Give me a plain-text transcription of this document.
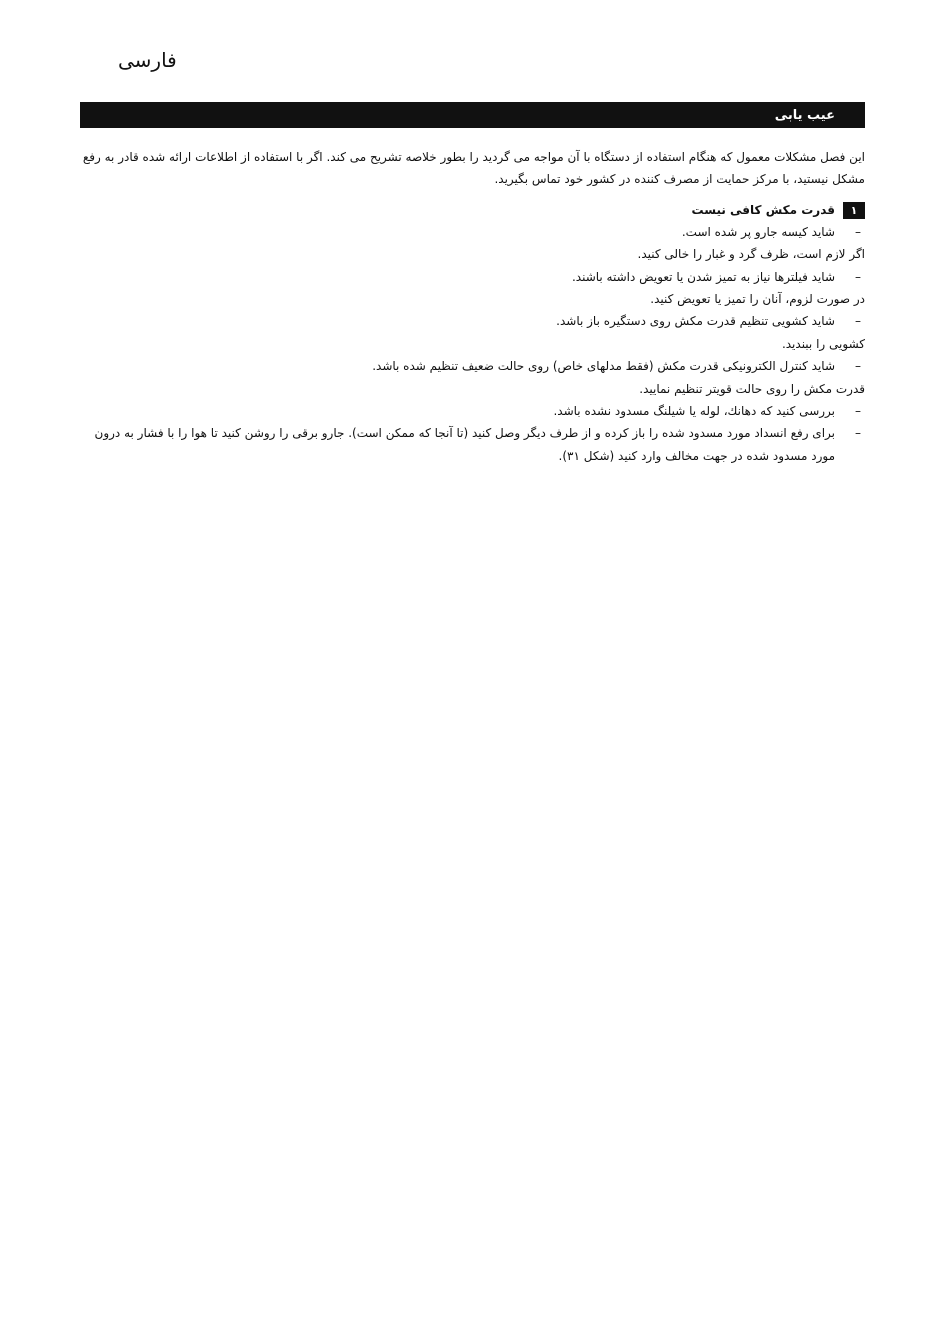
فارسی
عیب یابی

این فصل مشکلات معمول که هنگام استفاده از دستگاه با آن مواجه می گردید را بطور خلاصه تشریح می کند. اگر با استفاده از اطلاعات ارائه شده قادر به رفع مشکل نیستید، با مرکز حمایت از مصرف کننده در کشور خود تماس بگیرید.

۱قدرت مکش کافی نیست

–
شاید کیسه جارو پر شده است.

اگر لازم است، ظرف گرد و غبار را خالی کنید.

–
شاید فیلترها نیاز به تمیز شدن یا تعویض داشته باشند.

در صورت لزوم، آنان را تمیز یا تعویض کنید.

–
شاید کشویی تنظیم قدرت مکش روی دستگیره باز باشد.

کشویی را ببندید.

–
شاید کنترل الکترونیکی قدرت مکش (فقط مدلهای خاص) روی حالت ضعیف تنظیم شده باشد.

قدرت مکش را روی حالت قویتر تنظیم نمایید.

–
بررسی کنید که دهانك، لوله یا شیلنگ مسدود نشده باشد.

–
برای رفع انسداد مورد مسدود شده را باز کرده و از طرف دیگر وصل کنید (تا آنجا که ممکن است). جارو برقی را روشن کنید تا هوا را با فشار به درون مورد مسدود شده در جهت مخالف وارد کنید (شکل ۳۱).
